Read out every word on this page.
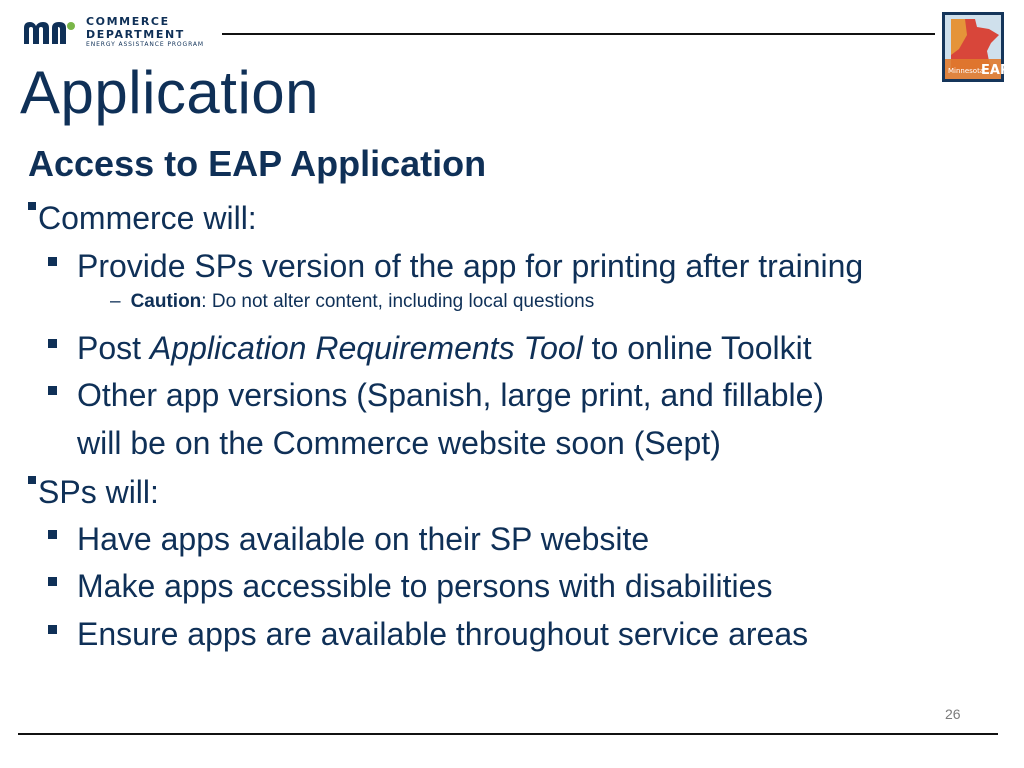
COMMERCE
DEPARTMENT
ENERGY ASSISTANCE PROGRAM
Minnesota
EAP
Application
Access to EAP Application
Commerce will:
Provide SPs version of the app for printing after training
– Caution: Do not alter content, including local questions
Post Application Requirements Tool to online Toolkit
Other app versions (Spanish, large print, and fillable)
will be on the Commerce website soon (Sept)
SPs will:
Have apps available on their SP website
Make apps accessible to persons with disabilities
Ensure apps are available throughout service areas
26
